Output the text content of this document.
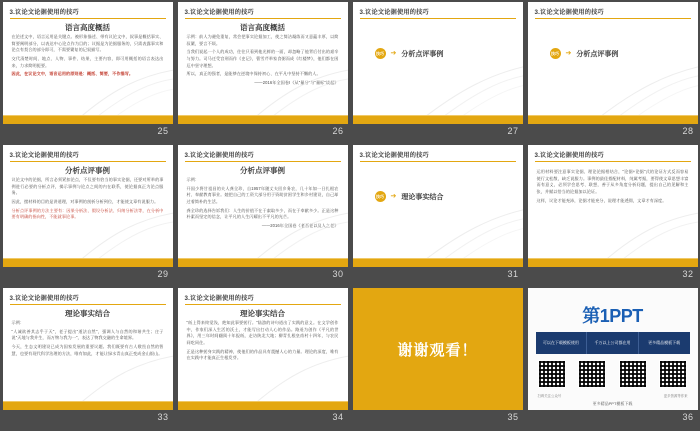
3.议论文论据使用的技巧
语言高度概括

在论述文中，语言运用是关键点。被形象描述、带有议论文中，叙事是概括事实、简要阐明部分，以表达中心论点作为目的；议据是为论据服务的，只需表露事实和论点有契合的部分即可，不需要繁复的记叙描写。

交代清楚时间、地点、人物、事件、结果，主要内容，即可用概括的语言表达出来，力求简明扼要。

因此，在议论文中，语言运用的原则是：概括、简要，不作描写。

25
3.议论文论据使用的技巧
语言高度概括

示例：前人为避免重复，常会把事实论据加工，使之简洁凝练而又意蕴丰厚，以简驭繁，要言不烦。

当我们说起一个人的成功，往往只看到他光鲜的一面，却忽略了他背后付出的艰辛与努力。司马迁受宫刑而作《史记》，曹雪芹举家食粥而成《红楼梦》，他们都在困厄中坚守理想。

所以，真正的强者，是能够在逆境中保持初心、在平凡中坚持不懈的人。

——2016年全国卷Ⅰ《从"量分"与"量标"谈起》
26
3.议论文论据使用的技巧
技巧 ➔ 分析点评事例
27
3.议论文论据使用的技巧
技巧 ➔ 分析点评事例
28
3.议论文论据使用的技巧
分析点评事例

议论文中的论据，所言必须紧扣论点，不仅要有恰当的事实论据，还要对所举的事例进行必要的分析点评，揭示事例与论点之间的内在联系，使论据真正为论点服务。

因此，摆材料的目的是讲道理，对事例的剖析分析到位，才能使文章有说服力。

分析点评事例的方法主要有：因果分析法、假设分析法、归纳分析法等，在分析中要有明确的指向性，不能就事论事。

29
3.议论文论据使用的技巧
分析点评事例

示例：

开国少将甘祖昌的夫人龚全珍，自1957年随丈夫回乡务农，几十年如一日扎根农村、奉献教育事业。她把自己的工资大部分用于资助贫困学生和乡村建设，自己却过着简朴的生活。

龚全珍的选择告诉我们：人生的价值不在于索取多少，而在于奉献多少。正是这种朴素而坚定的信念，让平凡的人生闪耀出不平凡的光芒。

——2016年全国卷《老吾老以及人之老》
30
3.议论文论据使用的技巧
技巧 ➔ 理论事实结合
31
3.议论文论据使用的技巧

运用材料要注意事实论据、理论论据相结合，"论据+论据"式的论证方式反而容易使行文松散，缺乏说服力。事例的最佳搭配材料，纯属考据，要得使文章思想丰富而有意义，必须学会思考、联想，善于从多角度分析问题，提出自己的见解和主张，并赋以恰当的论据加以论证。

这样，议论才能充沛，论据才能充分，说理才能透彻，文章才有深度。

32
3.议论文论据使用的技巧
理论事实结合

示例：

"人诚欲善其志乎于天"，老子提出"道法自然"，强调人与自然的和谐共生；庄子说"天地与我并生，而万物与我为一"，表达了物我交融的生命境界。

今天，生态文明建设已成为国家发展的重要议题。我们既要有古人敬畏自然的智慧，也要有现代科学治理的方法，唯有如此，才能让绿水青山真正变成金山银山。

33
3.议论文论据使用的技巧
理论事实结合

"纸上得来终觉浅，绝知此事要躬行。"陆游的诗句道出了实践的意义。在文学创作中，作家们深入生活的沃土，才能写出打动人心的作品。路遥为创作《平凡的世界》，用三年时间翻阅十年报纸，走访陕北大地；柳青扎根皇甫村十四年，与农民同吃同住。

正是这种躬身实践的精神，使他们的作品具有震撼人心的力量。理论的深度，唯有在实践中才能真正生根发芽。

34
谢谢观看！
35
第1PPT
可以在下载模板使用	千万以上公司都在用	更多精品模板下载
扫码关注公众号	更多资源等你来
更多精品PPT模板下载
36
